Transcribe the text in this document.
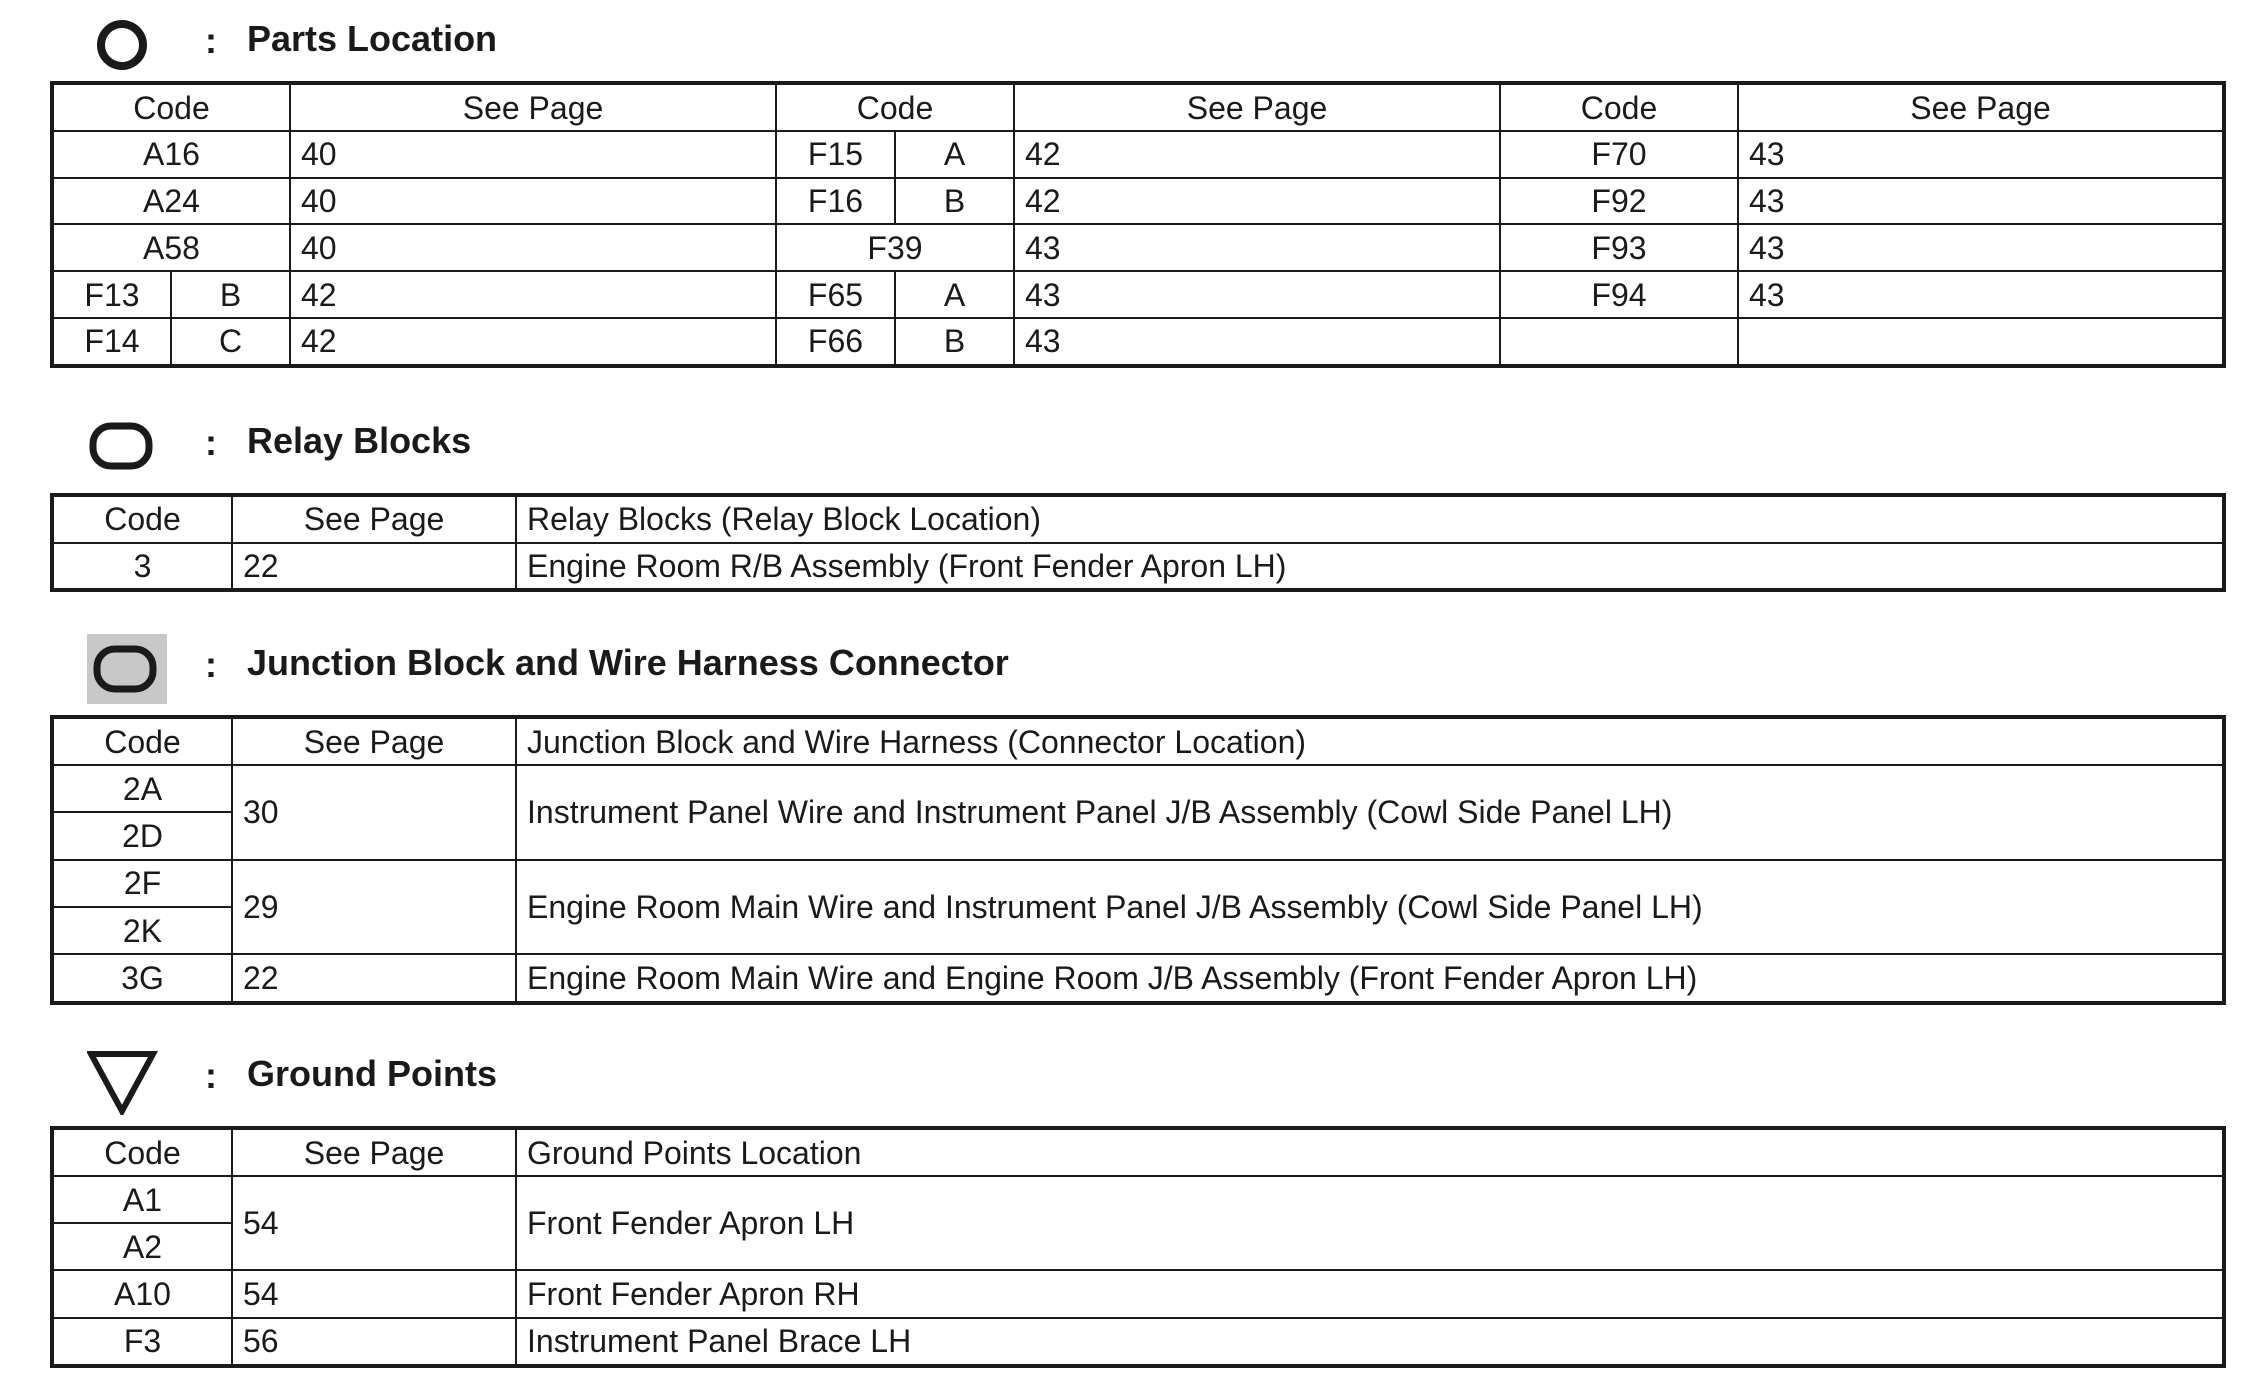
: Parts Location
Code		See Page	Code		See Page	Code	See Page
A16		40	F15	A	42	F70	43
A24		40	F16	B	42	F92	43
A58		40	F39		43	F93	43
F13	B	42	F65	A	43	F94	43
F14	C	42	F66	B	43		
: Relay Blocks
Code	See Page	Relay Blocks (Relay Block Location)
3	22	Engine Room R/B Assembly (Front Fender Apron LH)
: Junction Block and Wire Harness Connector
Code	See Page	Junction Block and Wire Harness (Connector Location)
2A	30	Instrument Panel Wire and Instrument Panel J/B Assembly (Cowl Side Panel LH)
2D		
2F	29	Engine Room Main Wire and Instrument Panel J/B Assembly (Cowl Side Panel LH)
2K		
3G	22	Engine Room Main Wire and Engine Room J/B Assembly (Front Fender Apron LH)
: Ground Points
Code	See Page	Ground Points Location
A1	54	Front Fender Apron LH
A2		
A10	54	Front Fender Apron RH
F3	56	Instrument Panel Brace LH
